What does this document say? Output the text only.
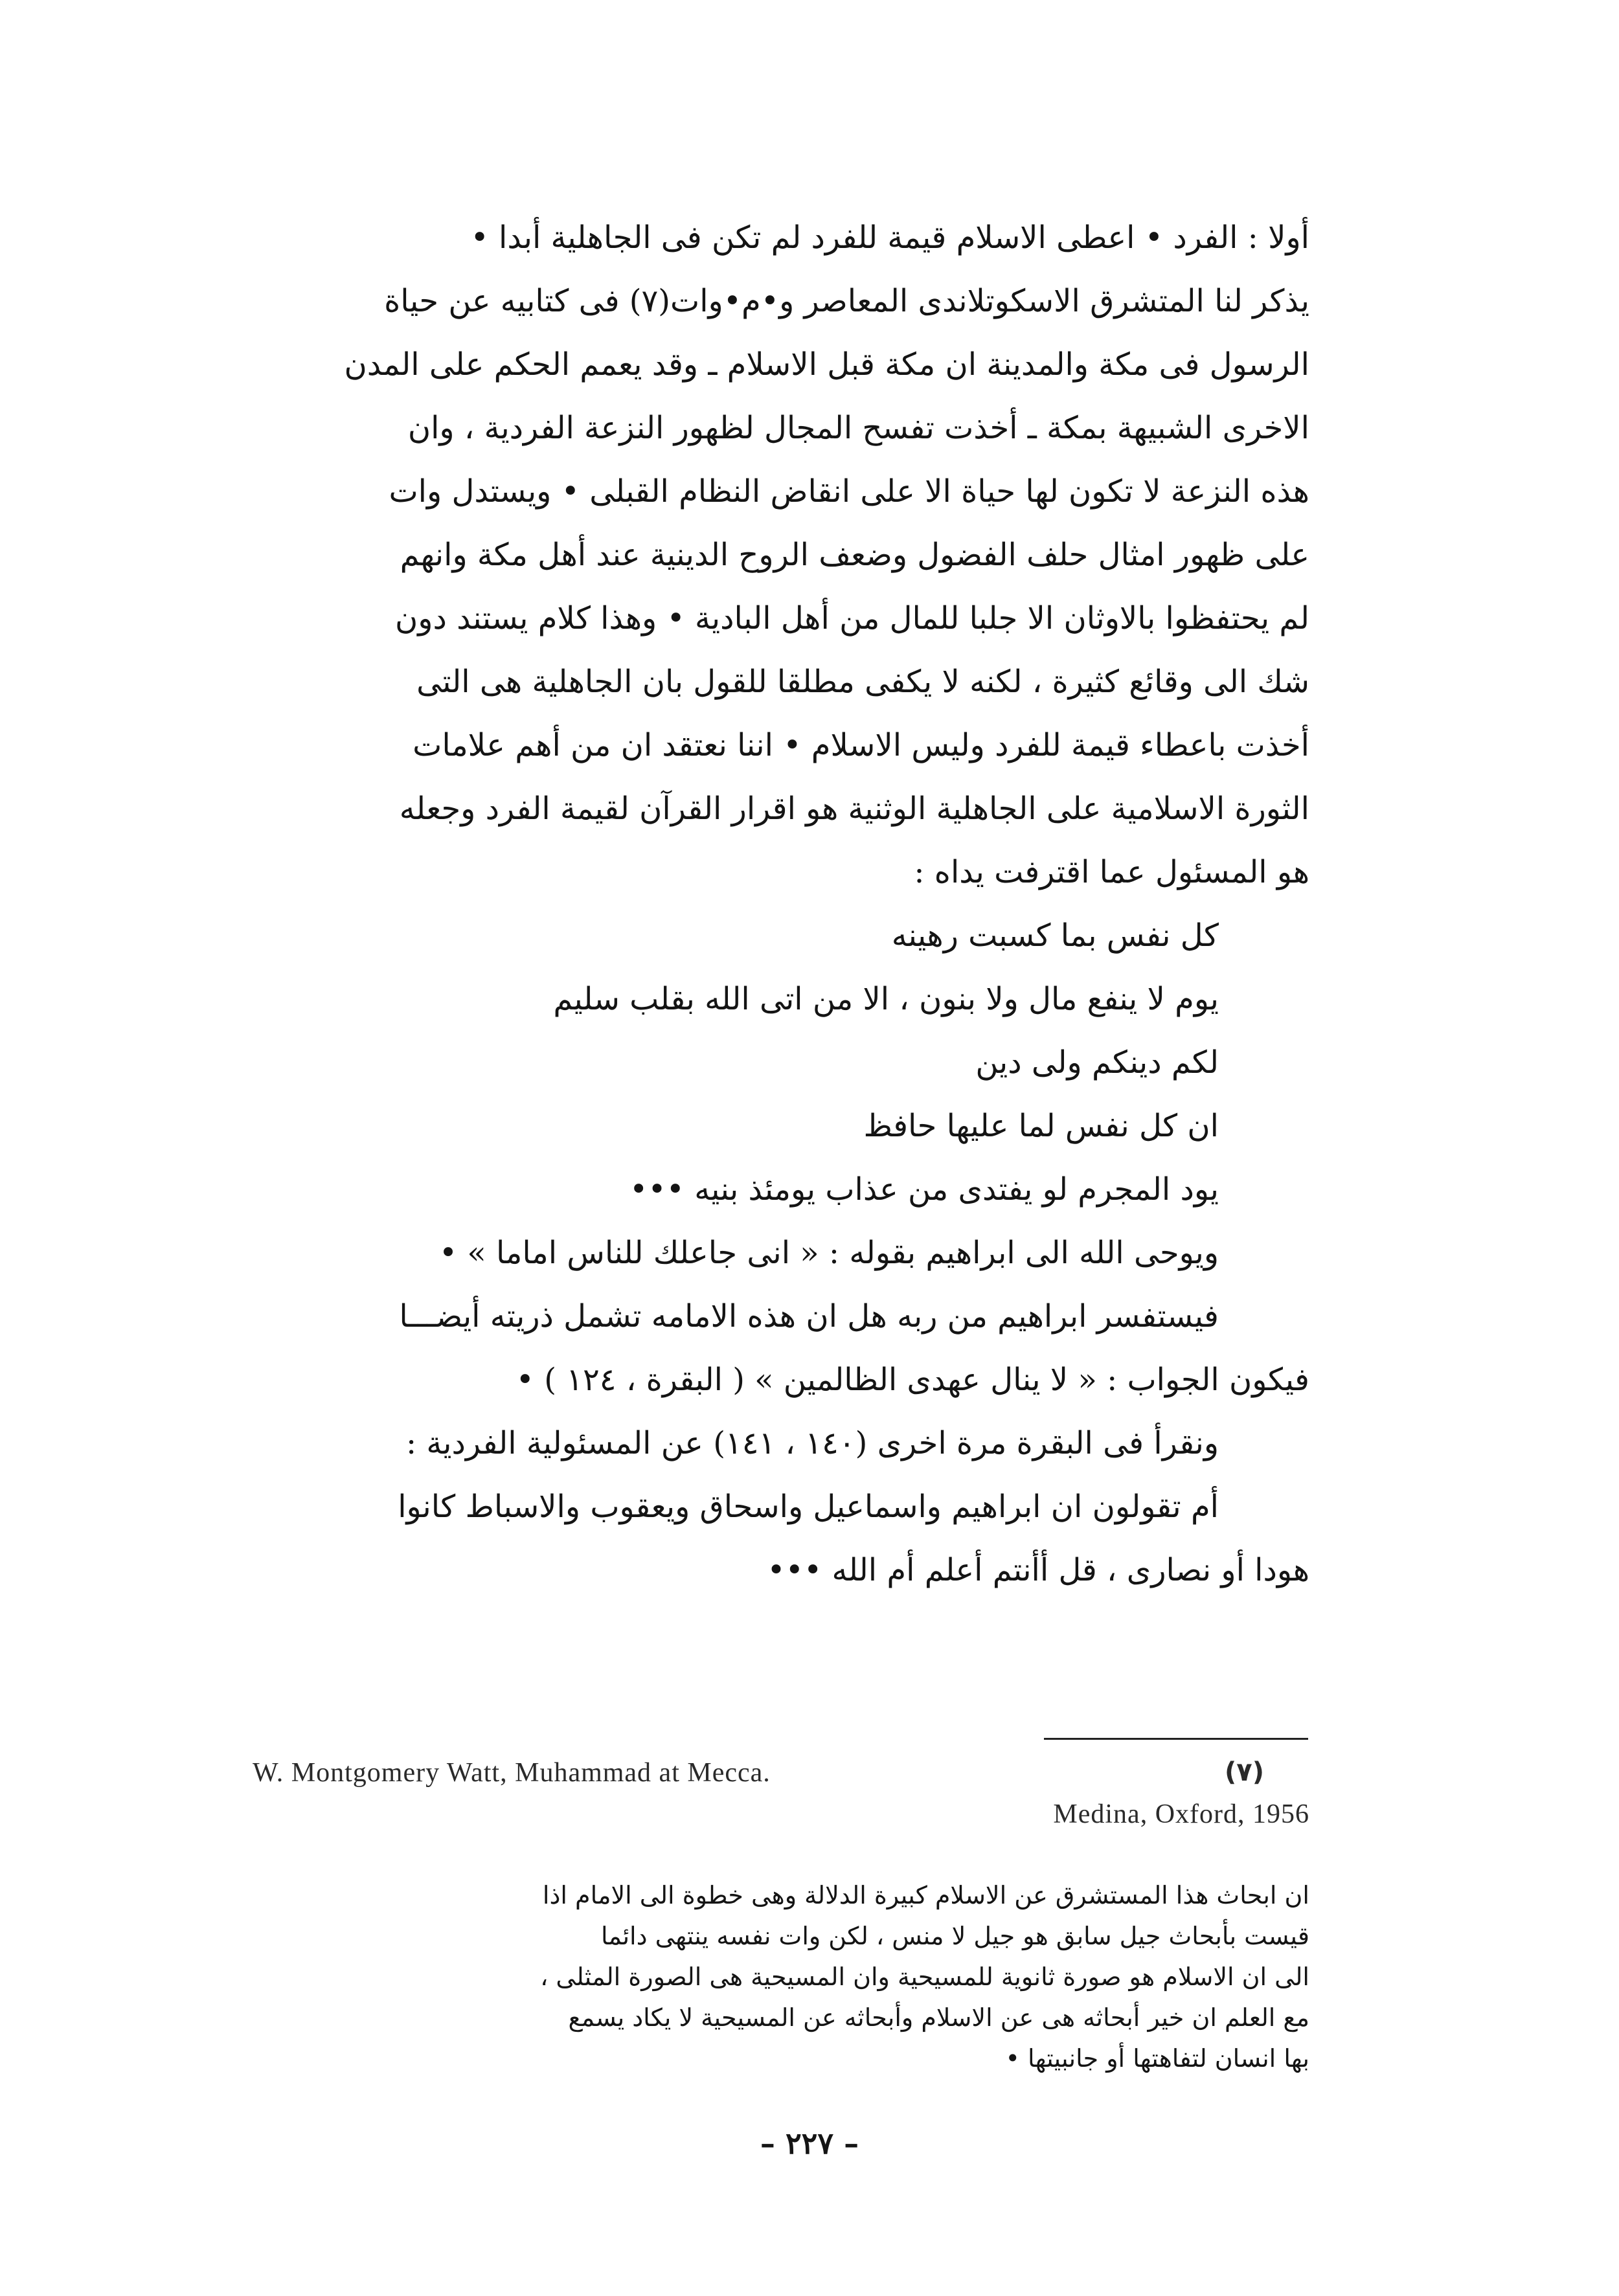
أولا : الفرد • اعطى الاسلام قيمة للفرد لم تكن فى الجاهلية أبدا •
يذكر لنا المتشرق الاسكوتلاندى المعاصر و•م•وات(٧) فى كتابيه عن حياة
الرسول فى مكة والمدينة ان مكة قبل الاسلام ـ وقد يعمم الحكم على المدن
الاخرى الشبيهة بمكة ـ أخذت تفسح المجال لظهور النزعة الفردية ، وان
هذه النزعة لا تكون لها حياة الا على انقاض النظام القبلى • ويستدل وات
على ظهور امثال حلف الفضول وضعف الروح الدينية عند أهل مكة وانهم
لم يحتفظوا بالاوثان الا جلبا للمال من أهل البادية • وهذا كلام يستند دون
شك الى وقائع كثيرة ، لكنه لا يكفى مطلقا للقول بان الجاهلية هى التى
أخذت باعطاء قيمة للفرد وليس الاسلام • اننا نعتقد ان من أهم علامات
الثورة الاسلامية على الجاهلية الوثنية هو اقرار القرآن لقيمة الفرد وجعله
هو المسئول عما اقترفت يداه :
كل نفس بما كسبت رهينه
يوم لا ينفع مال ولا بنون ، الا من اتى الله بقلب سليم
لكم دينكم ولى دين
ان كل نفس لما عليها حافظ
يود المجرم لو يفتدى من عذاب يومئذ بنيه •••
ويوحى الله الى ابراهيم بقوله : « انى جاعلك للناس اماما » •
فيستفسر ابراهيم من ربه هل ان هذه الامامه تشمل ذريته أيضـــا
فيكون الجواب : « لا ينال عهدى الظالمين » ( البقرة ، ١٢٤ ) •
ونقرأ فى البقرة مرة اخرى (١٤٠ ، ١٤١) عن المسئولية الفردية :
أم تقولون ان ابراهيم واسماعيل واسحاق ويعقوب والاسباط كانوا
هودا أو نصارى ، قل أأنتم أعلم أم الله •••
W. Montgomery Watt, Muhammad at Mecca.	(٧)
Medina, Oxford, 1956
ان ابحاث هذا المستشرق عن الاسلام كبيرة الدلالة وهى خطوة الى الامام اذا
قيست بأبحاث جيل سابق هو جيل لا منس ، لكن وات نفسه ينتهى دائما
الى ان الاسلام هو صورة ثانوية للمسيحية وان المسيحية هى الصورة المثلى ،
مع العلم ان خير أبحاثه هى عن الاسلام وأبحاثه عن المسيحية لا يكاد يسمع
بها انسان لتفاهتها أو جانبيتها •
– ٢٢٧ –
